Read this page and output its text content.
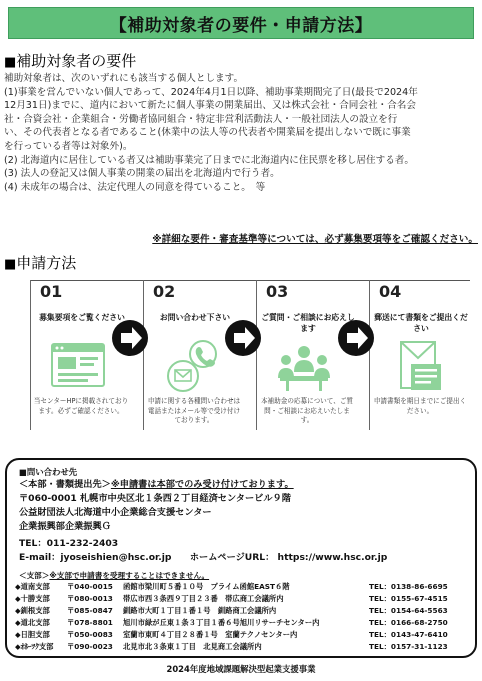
【補助対象者の要件・申請方法】
■補助対象者の要件

補助対象者は、次のいずれにも該当する個人とします。

(1)事業を営んでいない個人であって、2024年4月1日以降、補助事業期間完了日(最長で2024年

12月31日)までに、道内において新たに個人事業の開業届出、又は株式会社・合同会社・合名会

社・合資会社・企業組合・労働者協同組合・特定非営利活動法人・一般社団法人の設立を行

い、その代表者となる者であること(休業中の法人等の代表者や開業届を提出しないで既に事業

を行っている者等は対象外)。

(2) 北海道内に居住している者又は補助事業完了日までに北海道内に住民票を移し居住する者。

(3) 法人の登記又は個人事業の開業の届出を北海道内で行う者。

(4) 未成年の場合は、法定代理人の同意を得ていること。　等

※詳細な要件・審査基準等については、必ず募集要項等をご確認ください。
■申請方法
01
募集要項をご覧ください
当センターHPに掲載されております。必ずご確認ください。
02
お問い合わせ下さい
申請に関する各種問い合わせは電話またはメール等で受け付けております。
03
ご質問・ご相談にお応えします
本補助金の応募について、ご質問・ご相談にお応えいたします。
04
郵送にて書類をご提出ください
申請書類を期日までにご提出ください。
■問い合わせ先
＜本部・書類提出先＞※申請書は本部でのみ受け付けております。
〒060-0001 札幌市中央区北１条西２丁目経済センタービル９階
公益財団法人北海道中小企業総合支援センター
企業振興部企業振興Ｇ
TEL：011-232-2403
E-mail：jyoseishien@hsc.or.jp　　ホームページURL： https://www.hsc.or.jp
＜支部＞※支部で申請書を受理することはできません。
◆道南支部 〒040-0015 函館市梁川町５番１０号　プライム函館EAST６階	TEL：0138-86-6695
◆十勝支部 〒080-0013 帯広市西３条西９丁目２３番　帯広商工会議所内	TEL：0155-67-4515
◆釧根支部 〒085-0847 釧路市大町１丁目１番１号　釧路商工会議所内	TEL：0154-64-5563
◆道北支部 〒078-8801 旭川市緑が丘東１条３丁目１番６号旭川リサーチセンター内	TEL：0166-68-2750
◆日胆支部 〒050-0083 室蘭市東町４丁目２８番１号　室蘭テクノセンター内	TEL：0143-47-6410
◆ｵﾎｰﾂｸ支部 〒090-0023 北見市北３条東１丁目　北見商工会議所内	TEL：0157-31-1123
2024年度地域課題解決型起業支援事業
